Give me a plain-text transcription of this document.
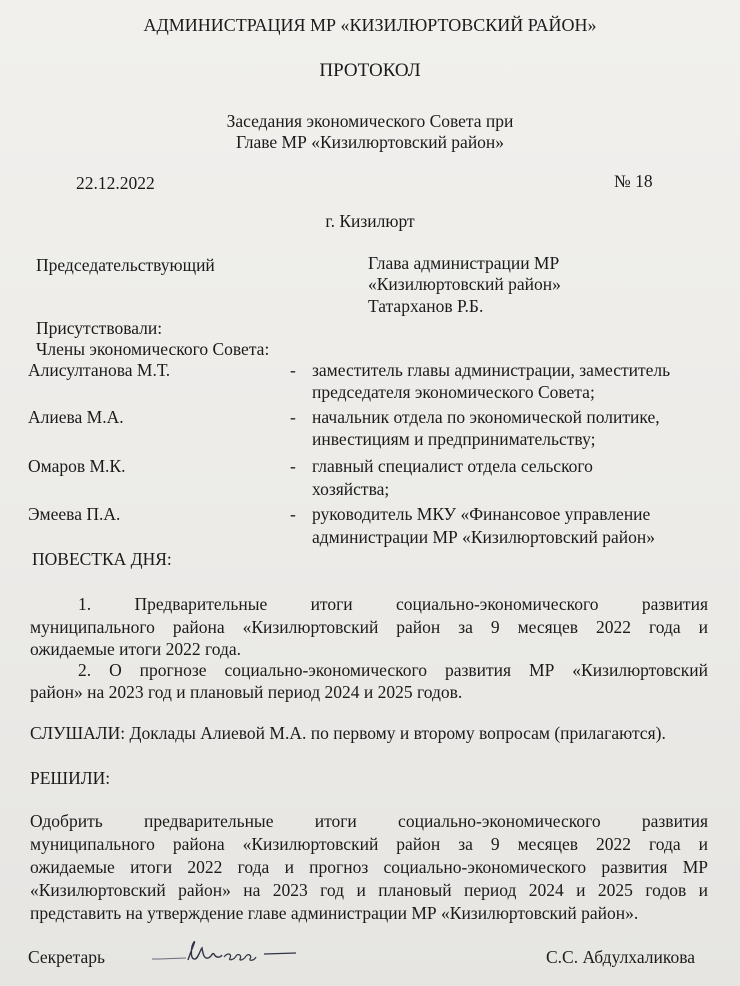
АДМИНИСТРАЦИЯ МР «КИЗИЛЮРТОВСКИЙ РАЙОН»
ПРОТОКОЛ
Заседания экономического Совета при
Главе МР «Кизилюртовский район»
22.12.2022	№ 18
г. Кизилюрт
Председательствующий	Глава администрации МР
«Кизилюртовский район»
Татарханов Р.Б.
Присутствовали:
Члены экономического Совета:
Алисултанова М.Т.	- заместитель главы администрации, заместитель
председателя экономического Совета;
Алиева М.А.	- начальник отдела по экономической политике,
инвестициям и предпринимательству;
Омаров М.К.	- главный специалист отдела сельского
хозяйства;
Эмеева П.А.	- руководитель МКУ «Финансовое управление
администрации МР «Кизилюртовский район»
ПОВЕСТКА ДНЯ:
1. Предварительные итоги социально-экономического развития
муниципального района «Кизилюртовский район за 9 месяцев 2022 года и
ожидаемые итоги 2022 года.
2. О прогнозе социально-экономического развития МР «Кизилюртовский
район» на 2023 год и плановый период 2024 и 2025 годов.
СЛУШАЛИ: Доклады Алиевой М.А. по первому и второму вопросам (прилагаются).
РЕШИЛИ:
Одобрить предварительные итоги социально-экономического развития
муниципального района «Кизилюртовский район за 9 месяцев 2022 года и
ожидаемые итоги 2022 года и прогноз социально-экономического развития МР
«Кизилюртовский район» на 2023 год и плановый период 2024 и 2025 годов и
представить на утверждение главе администрации МР «Кизилюртовский район».
Секретарь	С.С. Абдулхаликова
